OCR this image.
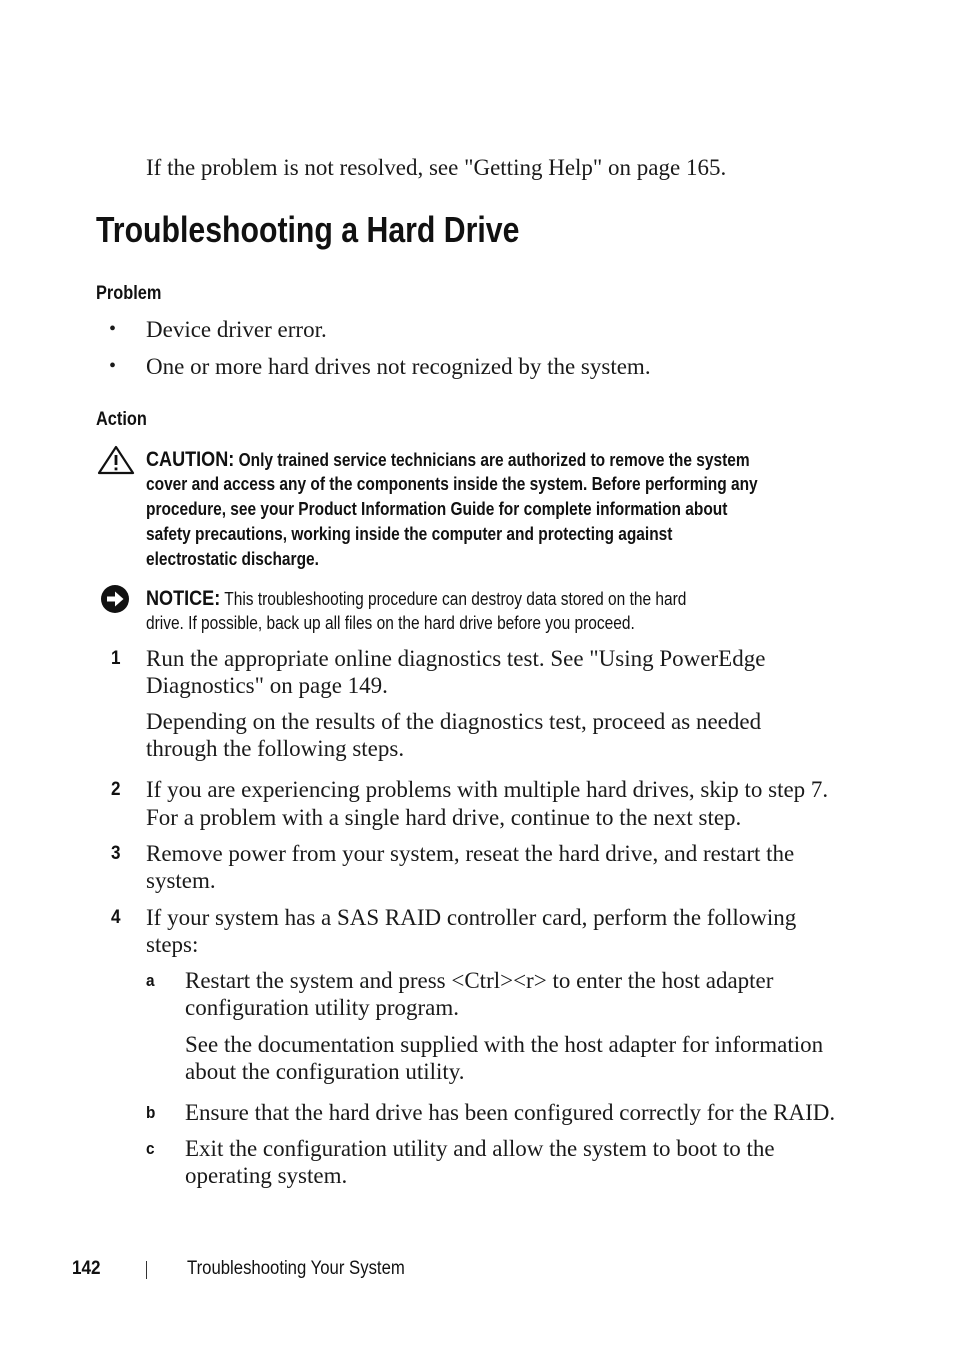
If the problem is not resolved, see "Getting Help" on page 165.
Troubleshooting a Hard Drive
Problem
• Device driver error.
• One or more hard drives not recognized by the system.
Action
CAUTION: Only trained service technicians are authorized to remove the system
cover and access any of the components inside the system. Before performing any
procedure, see your Product Information Guide for complete information about
safety precautions, working inside the computer and protecting against
electrostatic discharge.
NOTICE: This troubleshooting procedure can destroy data stored on the hard
drive. If possible, back up all files on the hard drive before you proceed.
1 Run the appropriate online diagnostics test. See "Using PowerEdge
Diagnostics" on page 149.
Depending on the results of the diagnostics test, proceed as needed
through the following steps.
2 If you are experiencing problems with multiple hard drives, skip to step 7.
For a problem with a single hard drive, continue to the next step.
3 Remove power from your system, reseat the hard drive, and restart the
system.
4 If your system has a SAS RAID controller card, perform the following
steps:
a Restart the system and press <Ctrl><r> to enter the host adapter
configuration utility program.
See the documentation supplied with the host adapter for information
about the configuration utility.
b Ensure that the hard drive has been configured correctly for the RAID.
c Exit the configuration utility and allow the system to boot to the
operating system.
142	Troubleshooting Your System
